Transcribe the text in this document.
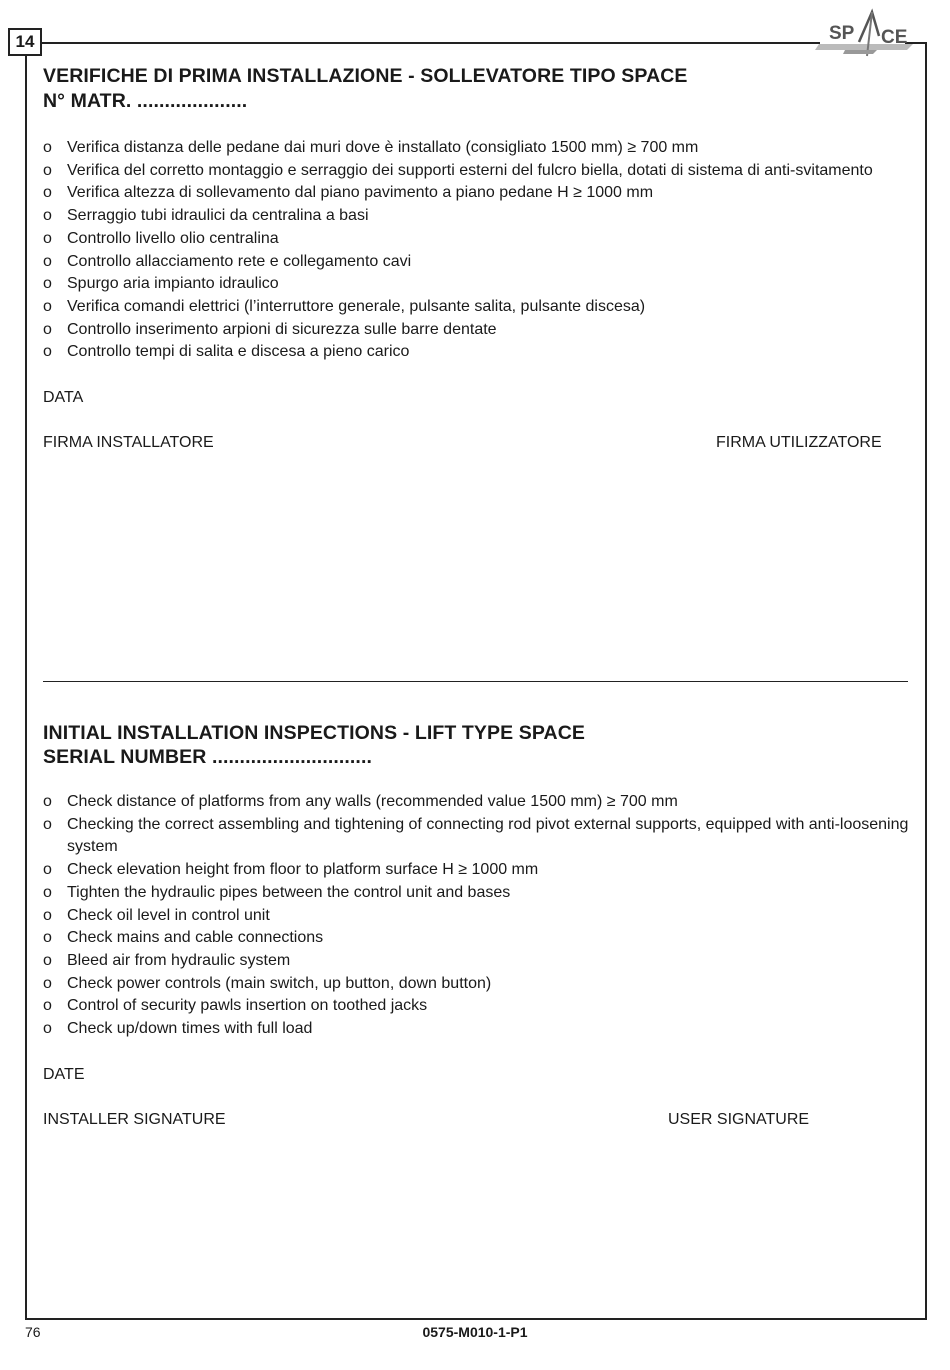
14	SP CE
VERIFICHE DI PRIMA INSTALLAZIONE - SOLLEVATORE TIPO SPACE
N° MATR. ....................
o Verifica distanza delle pedane dai muri dove è installato (consigliato 1500 mm) ≥ 700 mm
o Verifica del corretto montaggio e serraggio dei supporti esterni del fulcro biella, dotati di sistema di anti-svitamento
o Verifica altezza di sollevamento dal piano pavimento a piano pedane H ≥ 1000 mm
o Serraggio tubi idraulici da centralina a basi
o Controllo livello olio centralina
o Controllo allacciamento rete e collegamento cavi
o Spurgo aria impianto idraulico
o Verifica comandi elettrici (l’interruttore generale, pulsante salita, pulsante discesa)
o Controllo inserimento arpioni di sicurezza sulle barre dentate
o Controllo tempi di salita e discesa a pieno carico
DATA
FIRMA INSTALLATORE	FIRMA UTILIZZATORE
INITIAL INSTALLATION INSPECTIONS - LIFT TYPE SPACE
SERIAL NUMBER .............................
o Check distance of platforms from any walls (recommended value 1500 mm) ≥ 700 mm
o Checking the correct assembling and tightening of connecting rod pivot external supports, equipped with anti-loosening system
o Check elevation height from floor to platform surface H ≥ 1000 mm
o Tighten the hydraulic pipes between the control unit and bases
o Check oil level in control unit
o Check mains and cable connections
o Bleed air from hydraulic system
o Check power controls (main switch, up button, down button)
o Control of security pawls insertion on toothed jacks
o Check up/down times with full load
DATE
INSTALLER SIGNATURE	USER SIGNATURE
76	0575-M010-1-P1
